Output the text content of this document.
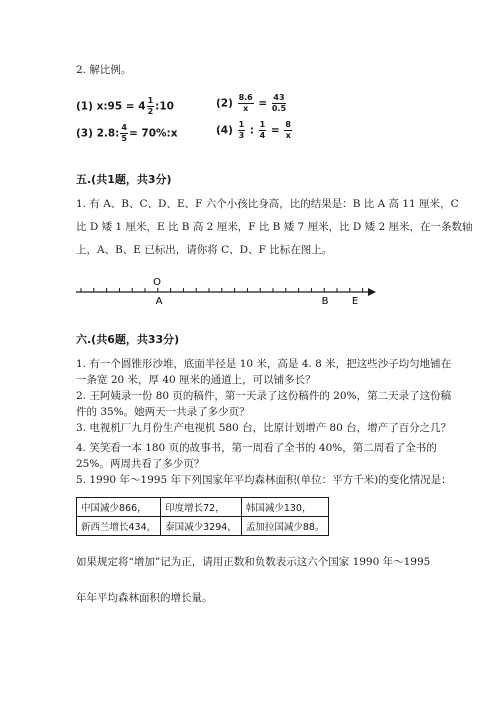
2. 解比例。
(1) x:95 = $4 \frac{1}{2}$ :10	$(2) \frac{8.6}{x} = \frac{43}{0.5}$
(3) 2.8: $\frac{4}{5}$ = 70%:x	$(4) \frac{1}{3}$ : $\frac{1}{4} = \frac{8}{x}$
五.(共1题，共3分)
1. 有 A、B、C、D、E、F 六个小孩比身高，比的结果是：B 比 A 高 11 厘米，C
比 D 矮 1 厘米，E 比 B 高 2 厘米，F 比 B 矮 7 厘米，比 D 矮 2 厘米，在一条数轴
上，A、B、E 已标出，请你将 C、D、F 比标在图上。
O
A	B E
六.(共6题，共33分)
1. 有一个圆锥形沙堆，底面半径是 10 米，高是 4. 8 米，把这些沙子均匀地铺在
一条宽 20 米，厚 40 厘米的通道上，可以铺多长？
2. 王阿姨录一份 80 页的稿件，第一天录了这份稿件的 20%，第二天录了这份稿
件的 35%。她两天一共录了多少页？
3. 电视机厂九月份生产电视机 580 台，比原计划增产 80 台，增产了百分之几？
4. 笑笑看一本 180 页的故事书，第一周看了全书的 40%，第二周看了全书的
25%。两周共看了多少页？
5. 1990 年～1995 年下列国家年平均森林面积(单位：平方千米)的变化情况是：
中国减少866，	印度增长72，	韩国减少130，
新西兰增长434，	泰国减少3294，	孟加拉国减少88。
如果规定将“增加”记为正，请用正数和负数表示这六个国家 1990 年～1995
年年平均森林面积的增长量。
